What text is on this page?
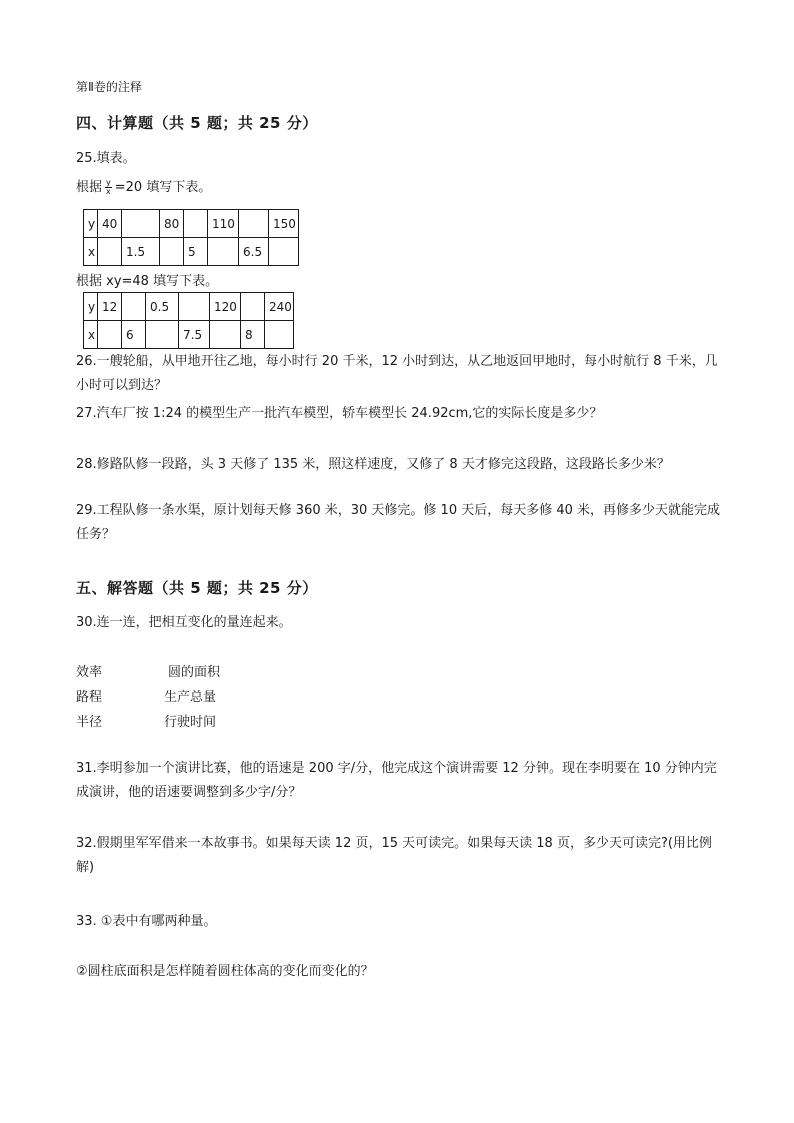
第Ⅱ卷的注释
四、计算题（共 5 题；共 25 分）
25.填表。
根据 $\frac{y}{x} =20$ 填写下表。
y	40		80		110		150
x		1.5		5		6.5	
根据 xy=48 填写下表。
y	12		0.5		120		240
x		6		7.5		8	
26.一艘轮船，从甲地开往乙地，每小时行 20 千米，12 小时到达，从乙地返回甲地时，每小时航行 8 千米，几小时可以到达？
27.汽车厂按 1:24 的模型生产一批汽车模型，轿车模型长 24.92cm,它的实际长度是多少？
28.修路队修一段路，头 3 天修了 135 米，照这样速度，又修了 8 天才修完这段路，这段路长多少米？
29.工程队修一条水渠，原计划每天修 360 米，30 天修完。修 10 天后，每天多修 40 米，再修多少天就能完成任务？
五、解答题（共 5 题；共 25 分）
30.连一连，把相互变化的量连起来。
效率	圆的面积
路程	生产总量
半径	行驶时间
31.李明参加一个演讲比赛，他的语速是 200 字/分，他完成这个演讲需要 12 分钟。现在李明要在 10 分钟内完成演讲，他的语速要调整到多少字/分？
32.假期里军军借来一本故事书。如果每天读 12 页，15 天可读完。如果每天读 18 页，多少天可读完?(用比例解)
33. ①表中有哪两种量。
②圆柱底面积是怎样随着圆柱体高的变化而变化的？
